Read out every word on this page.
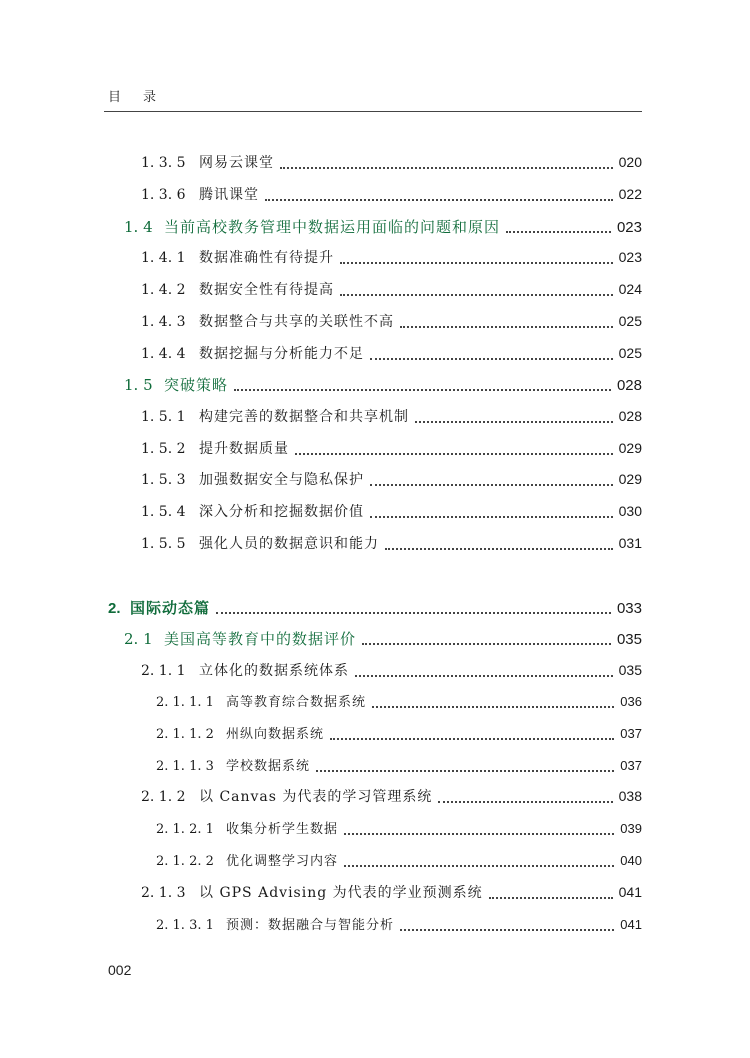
目录
1. 3. 5 网易云课堂	020
1. 3. 6 腾讯课堂	022
1. 4 当前高校教务管理中数据运用面临的问题和原因	023
1. 4. 1 数据准确性有待提升	023
1. 4. 2 数据安全性有待提高	024
1. 4. 3 数据整合与共享的关联性不高	025
1. 4. 4 数据挖掘与分析能力不足	025
1. 5 突破策略	028
1. 5. 1 构建完善的数据整合和共享机制	028
1. 5. 2 提升数据质量	029
1. 5. 3 加强数据安全与隐私保护	029
1. 5. 4 深入分析和挖掘数据价值	030
1. 5. 5 强化人员的数据意识和能力	031
2. 国际动态篇	033
2. 1 美国高等教育中的数据评价	035
2. 1. 1 立体化的数据系统体系	035
2. 1. 1. 1 高等教育综合数据系统	036
2. 1. 1. 2 州纵向数据系统	037
2. 1. 1. 3 学校数据系统	037
2. 1. 2 以 Canvas 为代表的学习管理系统	038
2. 1. 2. 1 收集分析学生数据	039
2. 1. 2. 2 优化调整学习内容	040
2. 1. 3 以 GPS Advising 为代表的学业预测系统	041
2. 1. 3. 1 预测：数据融合与智能分析	041
002
